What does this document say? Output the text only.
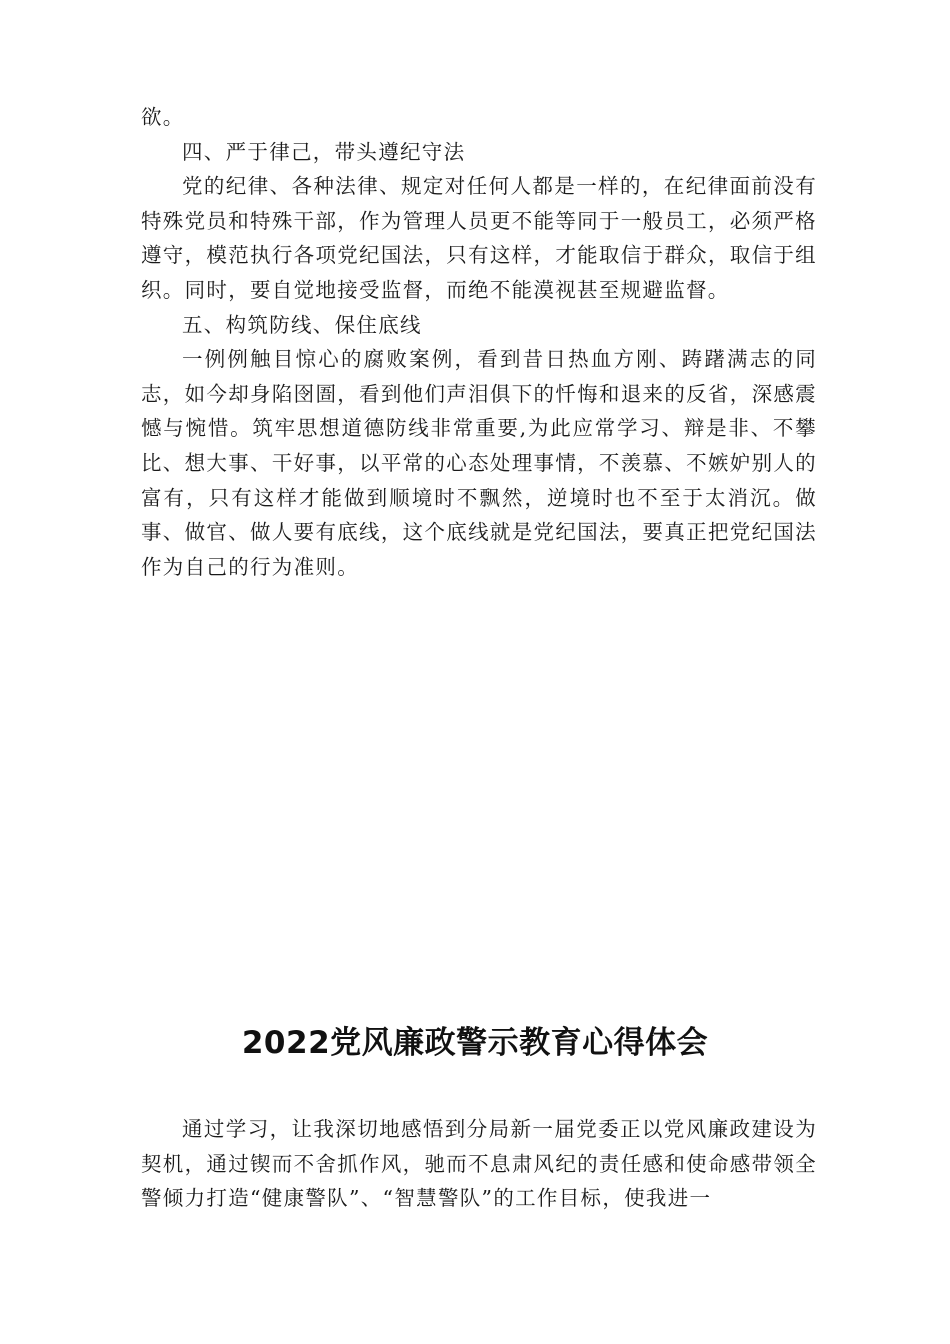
欲。

四、严于律己，带头遵纪守法

党的纪律、各种法律、规定对任何人都是一样的，在纪律面前没有特殊党员和特殊干部，作为管理人员更不能等同于一般员工，必须严格遵守，模范执行各项党纪国法，只有这样，才能取信于群众，取信于组织。同时，要自觉地接受监督，而绝不能漠视甚至规避监督。

五、构筑防线、保住底线

一例例触目惊心的腐败案例，看到昔日热血方刚、踌躇满志的同志，如今却身陷囹圄，看到他们声泪俱下的忏悔和退来的反省，深感震憾与惋惜。筑牢思想道德防线非常重要,为此应常学习、辩是非、不攀比、想大事、干好事，以平常的心态处理事情，不羡慕、不嫉妒别人的富有，只有这样才能做到顺境时不飘然，逆境时也不至于太消沉。做事、做官、做人要有底线，这个底线就是党纪国法，要真正把党纪国法作为自己的行为准则。

2022党风廉政警示教育心得体会

通过学习，让我深切地感悟到分局新一届党委正以党风廉政建设为契机，通过锲而不舍抓作风，驰而不息肃风纪的责任感和使命感带领全警倾力打造“健康警队”、“智慧警队”的工作目标，使我进一
